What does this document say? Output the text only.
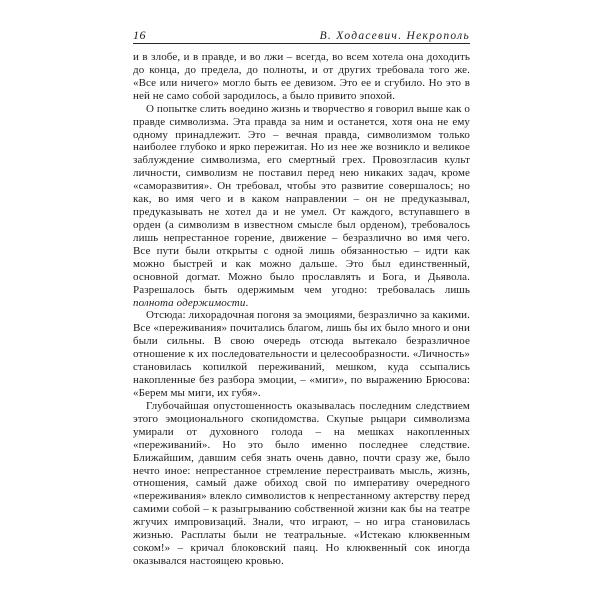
16	В. Ходасевич. Некрополь

и в злобе, и в правде, и во лжи – всегда, во всем хотела она доходить до конца, до предела, до полноты, и от других требовала того же. «Все или ничего» могло быть ее девизом. Это ее и сгубило. Но это в ней не само собой зародилось, а было привито эпохой.

О попытке слить воедино жизнь и творчество я говорил выше как о правде символизма. Эта правда за ним и останется, хотя она не ему одному принадлежит. Это – вечная правда, символизмом только наиболее глубоко и ярко пережитая. Но из нее же возникло и великое заблуждение символизма, его смертный грех. Провозгласив культ личности, символизм не поставил перед нею никаких задач, кроме «саморазвития». Он требовал, чтобы это развитие совершалось; но как, во имя чего и в каком направлении – он не предуказывал, предуказывать не хотел да и не умел. От каждого, вступавшего в орден (а символизм в известном смысле был орденом), требовалось лишь непрестанное горение, движение – безразлично во имя чего. Все пути были открыты с одной лишь обязанностью – идти как можно быстрей и как можно дальше. Это был единственный, основной догмат. Можно было прославлять и Бога, и Дьявола. Разрешалось быть одержимым чем угодно: требовалась лишь полнота одержимости.

Отсюда: лихорадочная погоня за эмоциями, безразлично за какими. Все «переживания» почитались благом, лишь бы их было много и они были сильны. В свою очередь отсюда вытекало безразличное отношение к их последовательности и целесообразности. «Личность» становилась копилкой переживаний, мешком, куда ссыпались накопленные без разбора эмоции, – «миги», по выражению Брюсова: «Берем мы миги, их губя».

Глубочайшая опустошенность оказывалась последним следствием этого эмоционального скопидомства. Скупые рыцари символизма умирали от духовного голода – на мешках накопленных «переживаний». Но это было именно последнее следствие. Ближайшим, давшим себя знать очень давно, почти сразу же, было нечто иное: непрестанное стремление перестраивать мысль, жизнь, отношения, самый даже обиход свой по императиву очередного «переживания» влекло символистов к непрестанному актерству перед самими собой – к разыгрыванию собственной жизни как бы на театре жгучих импровизаций. Знали, что играют, – но игра становилась жизнью. Расплаты были не театральные. «Истекаю клюквенным соком!» – кричал блоковский паяц. Но клюквенный сок иногда оказывался настоящею кровью.
